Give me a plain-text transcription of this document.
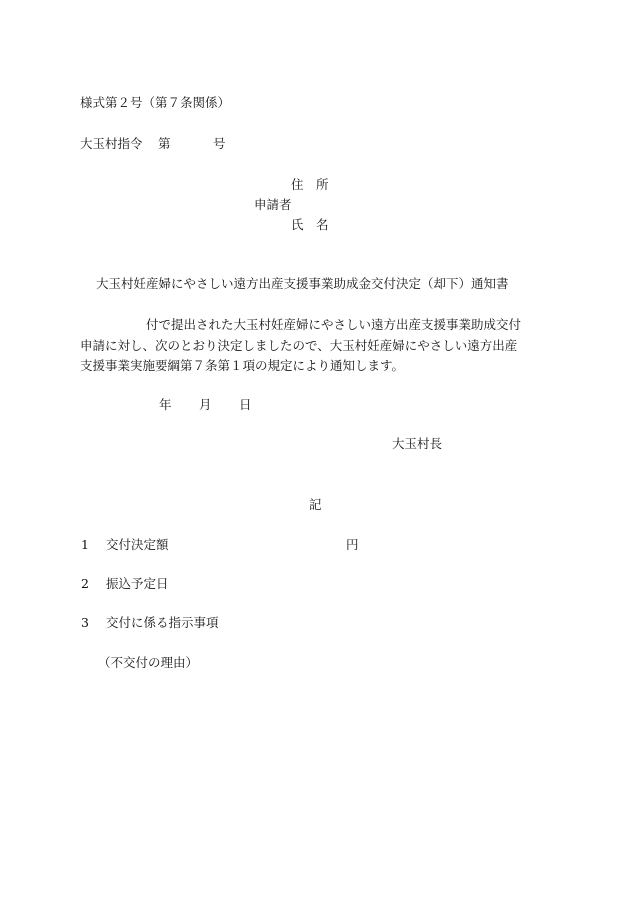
様式第２号（第７条関係）
大玉村指令 第	号
住　所
申請者
氏　名
大玉村妊産婦にやさしい遠方出産支援事業助成金交付決定（却下）通知書
付で提出された大玉村妊産婦にやさしい遠方出産支援事業助成交付
申請に対し、次のとおり決定しましたので、大玉村妊産婦にやさしい遠方出産
支援事業実施要綱第７条第１項の規定により通知します。
年 月 日
大玉村長
記
1 交付決定額	円
2 振込予定日
3 交付に係る指示事項
（不交付の理由）
